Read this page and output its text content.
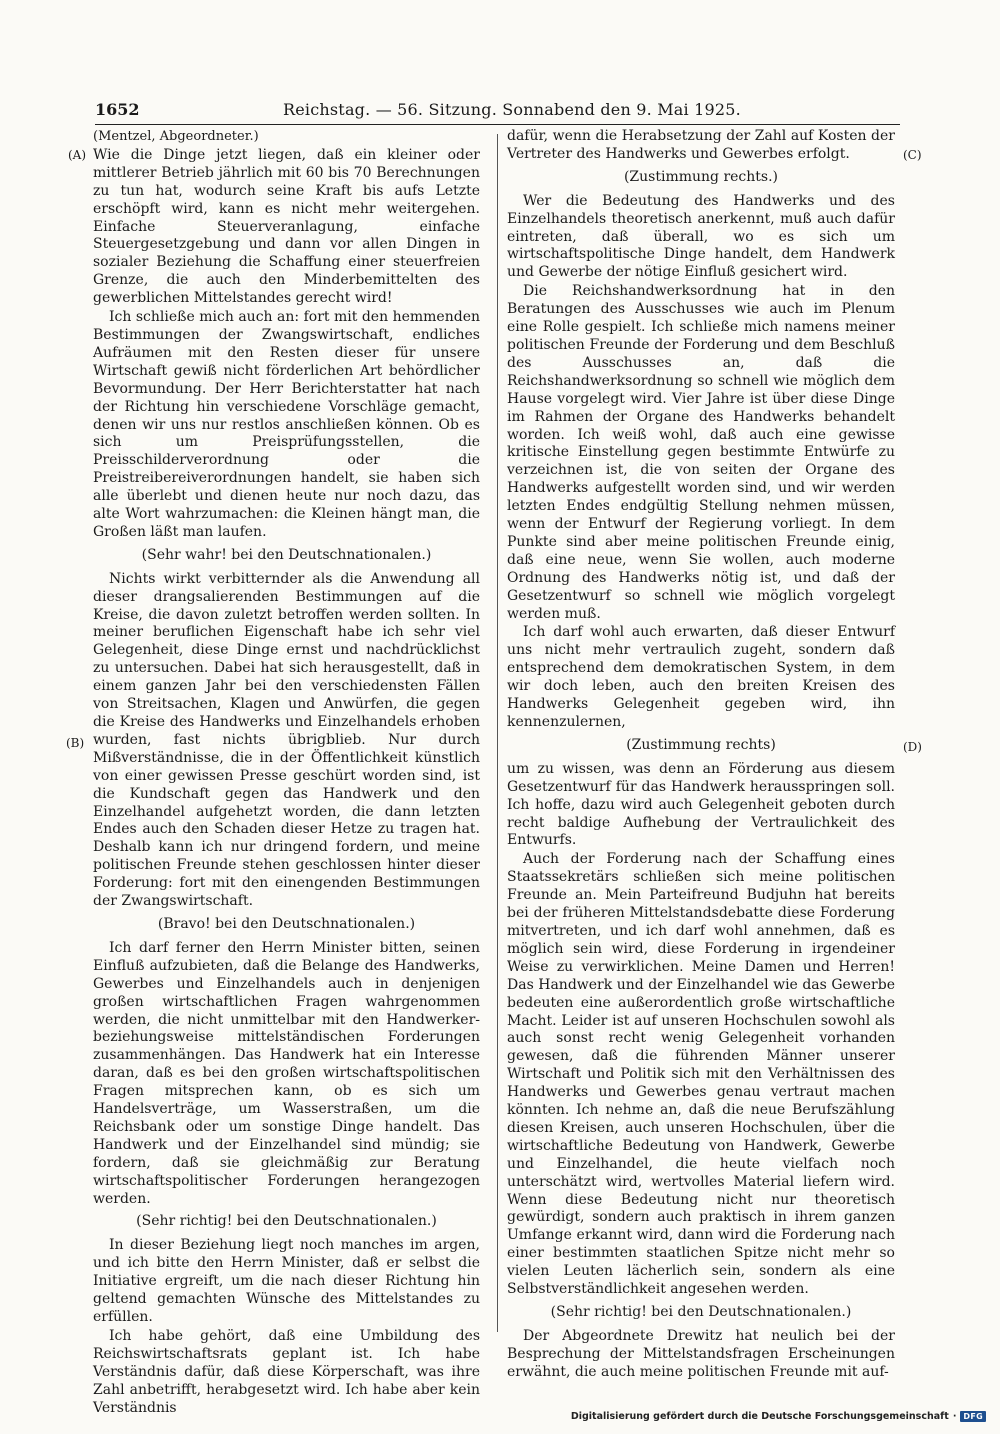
1652	Reichstag. — 56. Sitzung. Sonnabend den 9. Mai 1925.
(A)
(B)
(C)
(D)

(Mentzel, Abgeordneter.)

Wie die Dinge jetzt liegen, daß ein kleiner oder mittlerer Betrieb jährlich mit 60 bis 70 Berechnungen zu tun hat, wodurch seine Kraft bis aufs Letzte erschöpft wird, kann es nicht mehr weitergehen. Einfache Steuerveranlagung, einfache Steuergesetzgebung und dann vor allen Dingen in sozialer Beziehung die Schaffung einer steuerfreien Grenze, die auch den Minderbemittelten des gewerblichen Mittelstandes gerecht wird!

Ich schließe mich auch an: fort mit den hemmenden Bestimmungen der Zwangswirtschaft, endliches Aufräumen mit den Resten dieser für unsere Wirtschaft gewiß nicht förderlichen Art behördlicher Bevormundung. Der Herr Berichterstatter hat nach der Richtung hin verschiedene Vorschläge gemacht, denen wir uns nur restlos anschließen können. Ob es sich um Preisprüfungsstellen, die Preisschilderverordnung oder die Preistreibereiverordnungen handelt, sie haben sich alle überlebt und dienen heute nur noch dazu, das alte Wort wahrzumachen: die Kleinen hängt man, die Großen läßt man laufen.

(Sehr wahr! bei den Deutschnationalen.)

Nichts wirkt verbitternder als die Anwendung all dieser drangsalierenden Bestimmungen auf die Kreise, die davon zuletzt betroffen werden sollten. In meiner beruflichen Eigenschaft habe ich sehr viel Gelegenheit, diese Dinge ernst und nachdrücklichst zu untersuchen. Dabei hat sich herausgestellt, daß in einem ganzen Jahr bei den verschiedensten Fällen von Streitsachen, Klagen und Anwürfen, die gegen die Kreise des Handwerks und Einzelhandels erhoben wurden, fast nichts übrigblieb. Nur durch Mißverständnisse, die in der Öffentlichkeit künstlich von einer gewissen Presse geschürt worden sind, ist die Kundschaft gegen das Handwerk und den Einzelhandel aufgehetzt worden, die dann letzten Endes auch den Schaden dieser Hetze zu tragen hat. Deshalb kann ich nur dringend fordern, und meine politischen Freunde stehen geschlossen hinter dieser Forderung: fort mit den einengenden Bestimmungen der Zwangswirtschaft.

(Bravo! bei den Deutschnationalen.)

Ich darf ferner den Herrn Minister bitten, seinen Einfluß aufzubieten, daß die Belange des Handwerks, Gewerbes und Einzelhandels auch in denjenigen großen wirtschaftlichen Fragen wahrgenommen werden, die nicht unmittelbar mit den Handwerker- beziehungsweise mittelständischen Forderungen zusammenhängen. Das Handwerk hat ein Interesse daran, daß es bei den großen wirtschaftspolitischen Fragen mitsprechen kann, ob es sich um Handelsverträge, um Wasserstraßen, um die Reichsbank oder um sonstige Dinge handelt. Das Handwerk und der Einzelhandel sind mündig; sie fordern, daß sie gleichmäßig zur Beratung wirtschaftspolitischer Forderungen herangezogen werden.

(Sehr richtig! bei den Deutschnationalen.)

In dieser Beziehung liegt noch manches im argen, und ich bitte den Herrn Minister, daß er selbst die Initiative ergreift, um die nach dieser Richtung hin geltend gemachten Wünsche des Mittelstandes zu erfüllen.

Ich habe gehört, daß eine Umbildung des Reichswirtschaftsrats geplant ist. Ich habe Verständnis dafür, daß diese Körperschaft, was ihre Zahl anbetrifft, herabgesetzt wird. Ich habe aber kein Verständnis

dafür, wenn die Herabsetzung der Zahl auf Kosten der Vertreter des Handwerks und Gewerbes erfolgt.

(Zustimmung rechts.)

Wer die Bedeutung des Handwerks und des Einzelhandels theoretisch anerkennt, muß auch dafür eintreten, daß überall, wo es sich um wirtschaftspolitische Dinge handelt, dem Handwerk und Gewerbe der nötige Einfluß gesichert wird.

Die Reichshandwerksordnung hat in den Beratungen des Ausschusses wie auch im Plenum eine Rolle gespielt. Ich schließe mich namens meiner politischen Freunde der Forderung und dem Beschluß des Ausschusses an, daß die Reichshandwerksordnung so schnell wie möglich dem Hause vorgelegt wird. Vier Jahre ist über diese Dinge im Rahmen der Organe des Handwerks behandelt worden. Ich weiß wohl, daß auch eine gewisse kritische Einstellung gegen bestimmte Entwürfe zu verzeichnen ist, die von seiten der Organe des Handwerks aufgestellt worden sind, und wir werden letzten Endes endgültig Stellung nehmen müssen, wenn der Entwurf der Regierung vorliegt. In dem Punkte sind aber meine politischen Freunde einig, daß eine neue, wenn Sie wollen, auch moderne Ordnung des Handwerks nötig ist, und daß der Gesetzentwurf so schnell wie möglich vorgelegt werden muß.

Ich darf wohl auch erwarten, daß dieser Entwurf uns nicht mehr vertraulich zugeht, sondern daß entsprechend dem demokratischen System, in dem wir doch leben, auch den breiten Kreisen des Handwerks Gelegenheit gegeben wird, ihn kennenzulernen,

(Zustimmung rechts)

um zu wissen, was denn an Förderung aus diesem Gesetzentwurf für das Handwerk herausspringen soll. Ich hoffe, dazu wird auch Gelegenheit geboten durch recht baldige Aufhebung der Vertraulichkeit des Entwurfs.

Auch der Forderung nach der Schaffung eines Staatssekretärs schließen sich meine politischen Freunde an. Mein Parteifreund Budjuhn hat bereits bei der früheren Mittelstandsdebatte diese Forderung mitvertreten, und ich darf wohl annehmen, daß es möglich sein wird, diese Forderung in irgendeiner Weise zu verwirklichen. Meine Damen und Herren! Das Handwerk und der Einzelhandel wie das Gewerbe bedeuten eine außerordentlich große wirtschaftliche Macht. Leider ist auf unseren Hochschulen sowohl als auch sonst recht wenig Gelegenheit vorhanden gewesen, daß die führenden Männer unserer Wirtschaft und Politik sich mit den Verhältnissen des Handwerks und Gewerbes genau vertraut machen könnten. Ich nehme an, daß die neue Berufszählung diesen Kreisen, auch unseren Hochschulen, über die wirtschaftliche Bedeutung von Handwerk, Gewerbe und Einzelhandel, die heute vielfach noch unterschätzt wird, wertvolles Material liefern wird. Wenn diese Bedeutung nicht nur theoretisch gewürdigt, sondern auch praktisch in ihrem ganzen Umfange erkannt wird, dann wird die Forderung nach einer bestimmten staatlichen Spitze nicht mehr so vielen Leuten lächerlich sein, sondern als eine Selbstverständlichkeit angesehen werden.

(Sehr richtig! bei den Deutschnationalen.)

Der Abgeordnete Drewitz hat neulich bei der Besprechung der Mittelstandsfragen Erscheinungen erwähnt, die auch meine politischen Freunde mit auf-

Digitalisierung gefördert durch die Deutsche Forschungsgemeinschaft · DFG
